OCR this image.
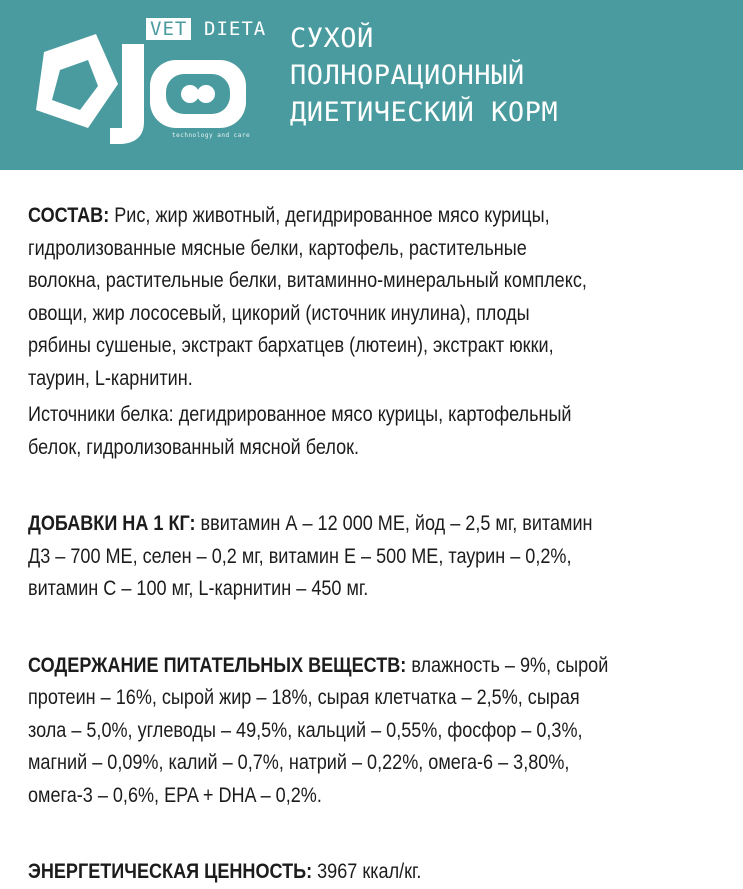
VET DIETA
technology and care
СУХОЙ
ПОЛНОРАЦИОННЫЙ
ДИЕТИЧЕСКИЙ КОРМ
СОСТАВ: Рис, жир животный, дегидрированное мясо курицы,
гидролизованные мясные белки, картофель, растительные
волокна, растительные белки, витаминно-минеральный комплекс,
овощи, жир лососевый, цикорий (источник инулина), плоды
рябины сушеные, экстракт бархатцев (лютеин), экстракт юкки,
таурин, L-карнитин.
Источники белка: дегидрированное мясо курицы, картофельный
белок, гидролизованный мясной белок.
ДОБАВКИ НА 1 КГ: ввитамин А – 12 000 МЕ, йод – 2,5 мг, витамин
Д3 – 700 МЕ, селен – 0,2 мг, витамин Е – 500 МЕ, таурин – 0,2%,
витамин С – 100 мг, L-карнитин – 450 мг.
СОДЕРЖАНИЕ ПИТАТЕЛЬНЫХ ВЕЩЕСТВ: влажность – 9%, сырой
протеин – 16%, сырой жир – 18%, сырая клетчатка – 2,5%, сырая
зола – 5,0%, углеводы – 49,5%, кальций – 0,55%, фосфор – 0,3%,
магний – 0,09%, калий – 0,7%, натрий – 0,22%, омега-6 – 3,80%,
омега-3 – 0,6%, EPA + DHA – 0,2%.
ЭНЕРГЕТИЧЕСКАЯ ЦЕННОСТЬ: 3967 ккал/кг.
